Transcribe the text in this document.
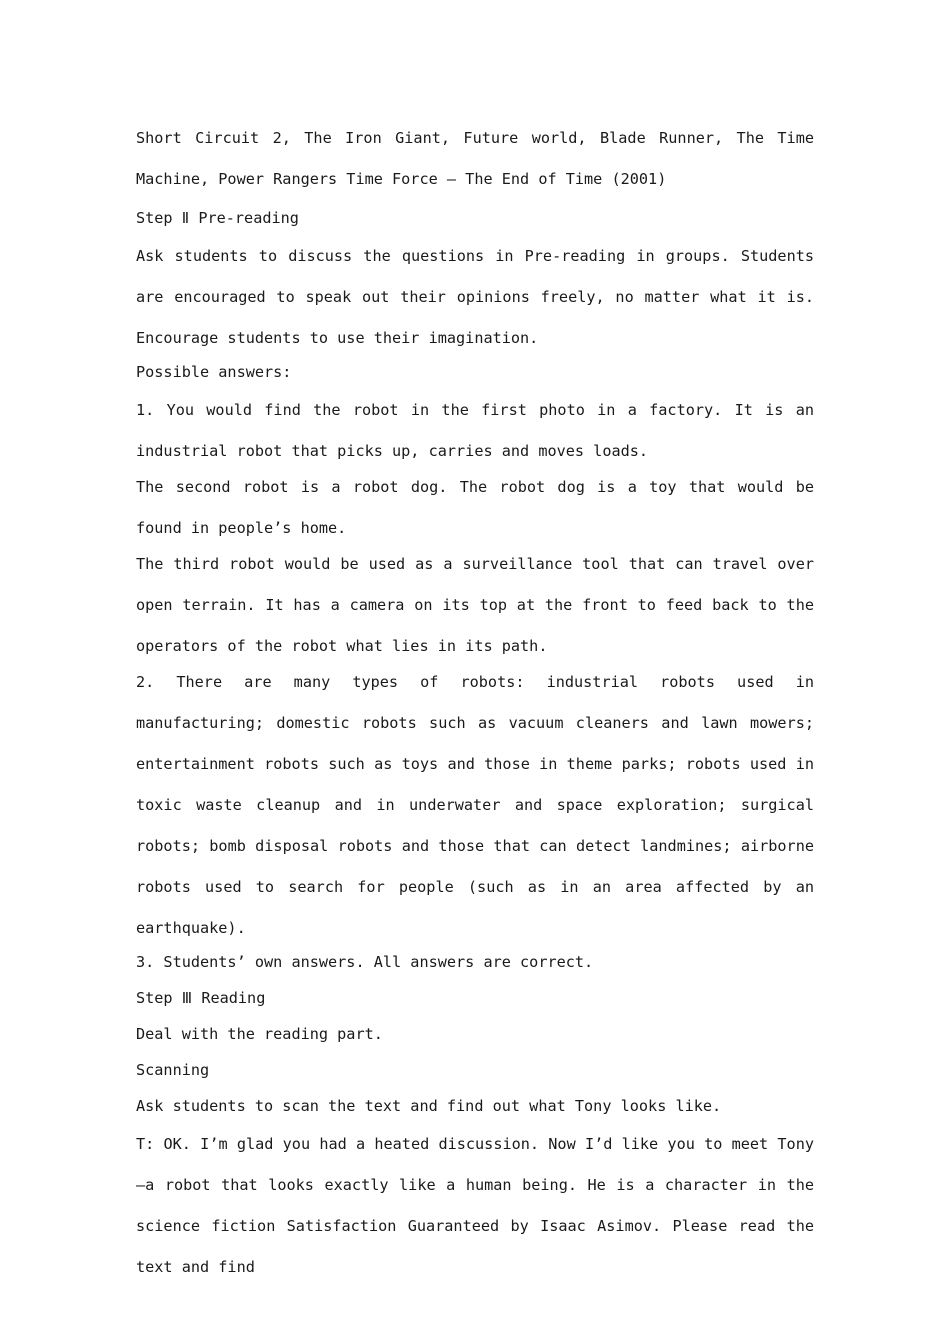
Short Circuit 2, The Iron Giant, Future world, Blade Runner, The Time Machine, Power Rangers Time Force — The End of Time (2001)

Step Ⅱ Pre-reading

Ask students to discuss the questions in Pre-reading in groups. Students are encouraged to speak out their opinions freely, no matter what it is. Encourage students to use their imagination.

Possible answers:

1. You would find the robot in the first photo in a factory. It is an industrial robot that picks up, carries and moves loads.

The second robot is a robot dog. The robot dog is a toy that would be found in people’s home.

The third robot would be used as a surveillance tool that can travel over open terrain. It has a camera on its top at the front to feed back to the operators of the robot what lies in its path.

2. There are many types of robots: industrial robots used in manufacturing; domestic robots such as vacuum cleaners and lawn mowers; entertainment robots such as toys and those in theme parks; robots used in toxic waste cleanup and in underwater and space exploration; surgical robots; bomb disposal robots and those that can detect landmines; airborne robots used to search for people (such as in an area affected by an earthquake).

3. Students’ own answers. All answers are correct.

Step Ⅲ Reading

Deal with the reading part.

Scanning

Ask students to scan the text and find out what Tony looks like.

T: OK. I’m glad you had a heated discussion. Now I’d like you to meet Tony—a robot that looks exactly like a human being. He is a character in the science fiction Satisfaction Guaranteed by Isaac Asimov. Please read the text and find
